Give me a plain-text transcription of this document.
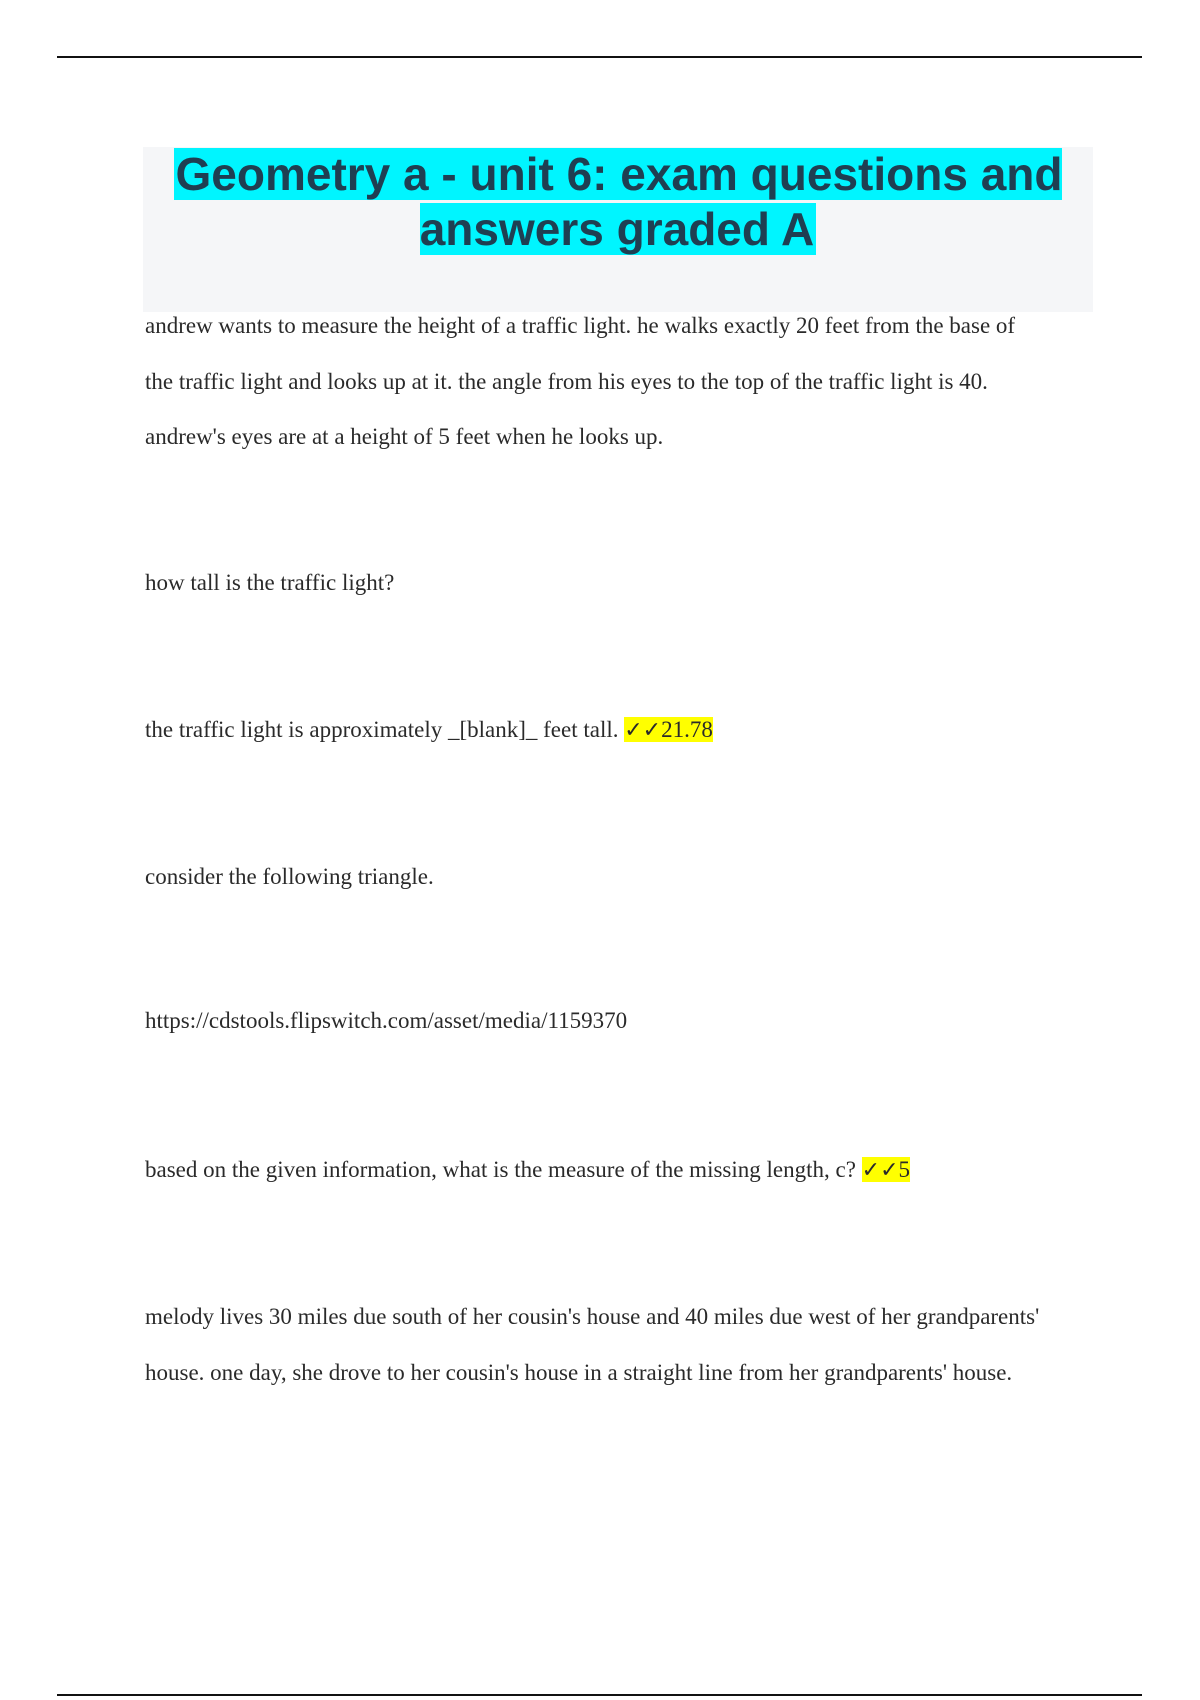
Geometry a - unit 6: exam questions and answers graded A

andrew wants to measure the height of a traffic light. he walks exactly 20 feet from the base of

the traffic light and looks up at it. the angle from his eyes to the top of the traffic light is 40.

andrew's eyes are at a height of 5 feet when he looks up.

how tall is the traffic light?

the traffic light is approximately _[blank]_ feet tall. ✓✓21.78

consider the following triangle.

https://cdstools.flipswitch.com/asset/media/1159370

based on the given information, what is the measure of the missing length, c? ✓✓5

melody lives 30 miles due south of her cousin's house and 40 miles due west of her grandparents'

house. one day, she drove to her cousin's house in a straight line from her grandparents' house.
